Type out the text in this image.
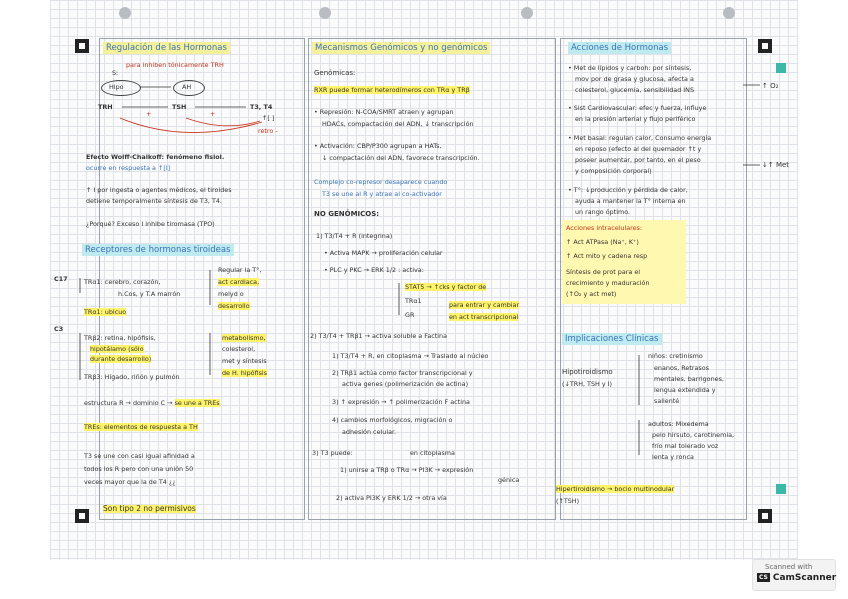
Regulación de las Hormonas
para inhiben tónicamente TRH
S:
Hipo	AH
TRH	TSH	T3, T4
+	+	↑[ ]
retro -
Efecto Wolff-Chaikoff: fenómeno fisiol.
ocurre en respuesta a ↑[I]
↑ I por ingesta o agentes médicos, el tiroides
detiene temporalmente síntesis de T3, T4.
¿Porqué? Exceso I inhibe tiromasa (TPO)
Receptores de hormonas tiroideas
C17
C3
TRα1: cerebro, corazón,
h.Cos, y T.A marrón
TRα1: ubicuo
Regular la T°,
act cardiaca,
melyd o
desarrollo
TRβ2: retina, hipófisis,
hipotálamo (sólo
durante desarrollo)
TRβ3: Hígado, riñón y pulmón
metabolismo,
colesterol,
met y síntesis
de H. hipófisis
estructura R → dominio C → se une a TREs
TREs: elementos de respuesta a TH
T3 se une con casi igual afinidad a
todos los R pero con una unión 50
veces mayor que la de T4 ¿¿
Son tipo 2 no permisivos
Mecanismos Genómicos y no genómicos
Genómicas:
RXR puede formar heterodímeros con TRα y TRβ
• Represión: N-COA/SMRT atraen y agrupan
HDACs, compactación del ADN, ↓ transcripción
• Activación: CBP/P300 agrupan a HATs,
↓ compactación del ADN, favorece transcripción.
Complejo co-represor desaparece cuando
T3 se une al R y atrae al co-activador
NO GENÓMICOS:
1) T3/T4 + R (integrina)
• Activa MAPK → proliferación celular
• PLC y PKC → ERK 1/2 : activa:
STAT5 → ↑cks y factor de
TRα1
GR
para entrar y cambiar
en act transcripcional
2) T3/T4 + TRβ1 → activa soluble a Factina
1) T3/T4 + R, en citoplasma → Traslado al núcleo
2) TRβ1 actúa como factor transcripcional y
activa genes (polimerización de actina)
3) ↑ expresión → ↑ polimerización F actina
4) cambios morfológicos, migración o
adhesión celular.
3) T3 puede:	en citoplasma
1) unirse a TRβ o TRα → PI3K → expresión
génica
2) activa PI3K y ERK 1/2 → otra vía
Acciones de Hormonas
• Met de lípidos y carboh: por síntesis,
mov por de grasa y glucosa, afecta a
colesterol, glucemia, sensibilidad INS
• Sist Cardiovascular: efec y fuerza, influye
en la presión arterial y flujo periférico
• Met basal: regulan calor, Consumo energía
en reposo (efecto al del quemador ↑t y
poseer aumentar, por tanto, en el peso
y composición corporal)
• T°: ↓producción y pérdida de calor,
ayuda a mantener la T° interna en
un rango óptimo.
Acciones intracelulares:
↑ Act ATPasa (Na⁺, K⁺)
↑ Act mito y cadena resp
Síntesis de prot para el
crecimiento y maduración
(↑O₂ y act met)
↑ O₂
↓↑ Met
Implicaciones Clínicas
Hipotiroidismo
(↓TRH, TSH y I)
niños: cretinismo
enanos, Retrasos
mentales, barrigones,
lengua extendida y
salienté
adultos: Mixedema
pelo hirsuto, carotinemia,
frío mal tolerado voz
lenta y ronca
Hipertiroidismo → bocio multinodular
(↑TSH)
Scanned with
CS CamScanner
